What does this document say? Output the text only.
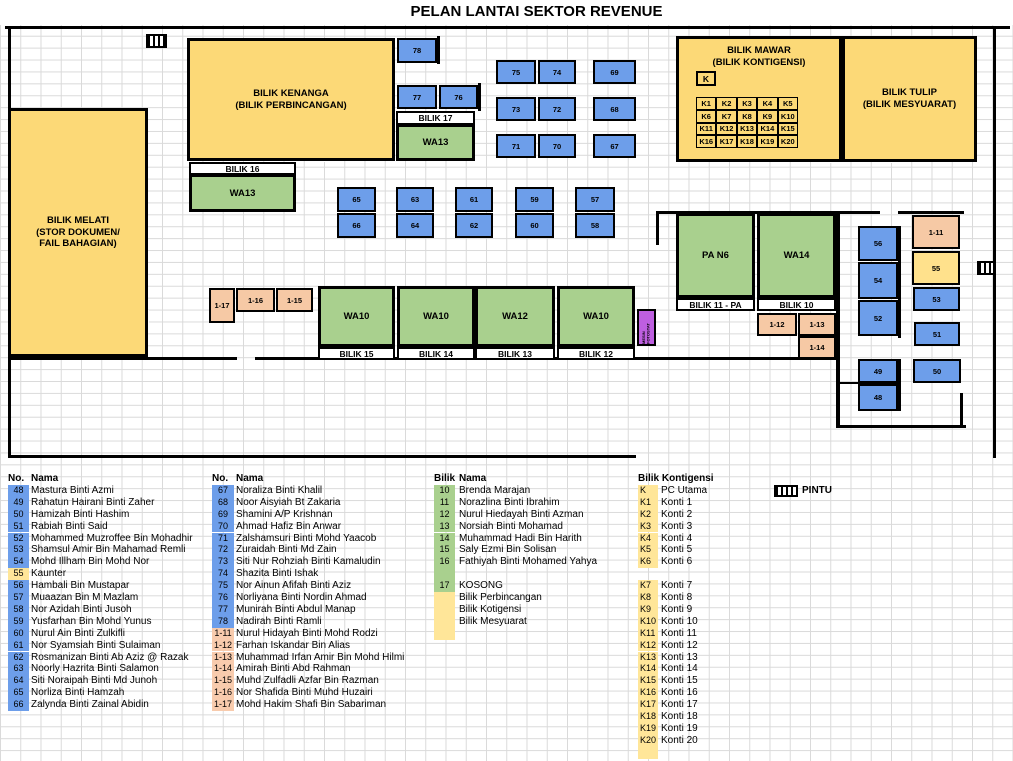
PELAN LANTAI SEKTOR REVENUE
BILIK KENANGA
(BILIK PERBINCANGAN)
BILIK MELATI
(STOR DOKUMEN/
FAIL BAHAGIAN)
BILIK MAWAR
(BILIK KONTIGENSI)
BILIK TULIP
(BILIK MESYUARAT)
WA13
WA13
WA10	WA10	WA12	WA10
PA N6	WA14
BILIK 17
BILIK 16
BILIK 15	BILIK 14	BILIK 13	BILIK 12
BILIK 11 - PA	BILIK 10
78
77	76
75	74	69
73	72	68
71	70	67
65
66
63
64
61
62
59
60
57
58
56
54
52
49
48
53
51
50
55
1-11
1-17
1-16	1-15
1-12	1-13
1-14
K
K1	K2	K3	K4	K5
K6	K7	K8	K9	K10
K11 K12 K13 K14 K15
K16 K17 K18 K19 K20
MESIN FOTOSTAT
PINTU
No. Nama
48 Mastura Binti Azmi
49 Rahatun Hairani Binti Zaher
50 Hamizah Binti Hashim
51 Rabiah Binti Said
52 Mohammed Muzroffee Bin Mohadhir
53 Shamsul Amir Bin Mahamad Remli
54 Mohd Illham Bin Mohd Nor
55 Kaunter
56 Hambali Bin Mustapar
57 Muaazan Bin M Mazlam
58 Nor Azidah Binti Jusoh
59 Yusfarhan Bin Mohd Yunus
60 Nurul Ain Binti Zulkifli
61 Nor Syamsiah Binti Sulaiman
62 Rosmanizan Binti Ab Aziz @ Razak
63 Noorly Hazrita Binti Salamon
64 Siti Noraipah Binti Md Junoh
65 Norliza Binti Hamzah
66 Zalynda Binti Zainal Abidin
No. Nama
67 Noraliza Binti Khalil
68 Noor Aisyiah Bt Zakaria
69 Shamini A/P Krishnan
70 Ahmad Hafiz Bin Anwar
71 Zalshamsuri Binti Mohd Yaacob
72 Zuraidah Binti Md Zain
73 Siti Nur Rohziah Binti Kamaludin
74 Shazita Binti Ishak
75 Nor Ainun Afifah Binti Aziz
76 Norliyana Binti Nordin Ahmad
77 Munirah Binti Abdul Manap
78 Nadirah Binti Ramli
1-11 Nurul Hidayah Binti Mohd Rodzi
1-12 Farhan Iskandar Bin Alias
1-13 Muhammad Irfan Amir Bin Mohd Hilmi
1-14 Amirah Binti Abd Rahman
1-15 Muhd Zulfadli Azfar Bin Razman
1-16 Nor Shafida Binti Muhd Huzairi
1-17 Mohd Hakim Shafi Bin Sabariman
Bilik Nama
10 Brenda Marajan
11 Norazlina Binti Ibrahim
12 Nurul Hiedayah Binti Azman
13 Norsiah Binti Mohamad
14 Muhammad Hadi Bin Harith
15 Saly Ezmi Bin Solisan
16 Fathiyah Binti Mohamed Yahya
17 KOSONG
Bilik Perbincangan
Bilik Kotigensi
Bilik Mesyuarat
Bilik Kontigensi
K	PC Utama
K1 Konti 1
K2 Konti 2
K3 Konti 3
K4 Konti 4
K5 Konti 5
K6 Konti 6
K7 Konti 7
K8 Konti 8
K9 Konti 9
K10 Konti 10
K11 Konti 11
K12 Konti 12
K13 Konti 13
K14 Konti 14
K15 Konti 15
K16 Konti 16
K17 Konti 17
K18 Konti 18
K19 Konti 19
K20 Konti 20
